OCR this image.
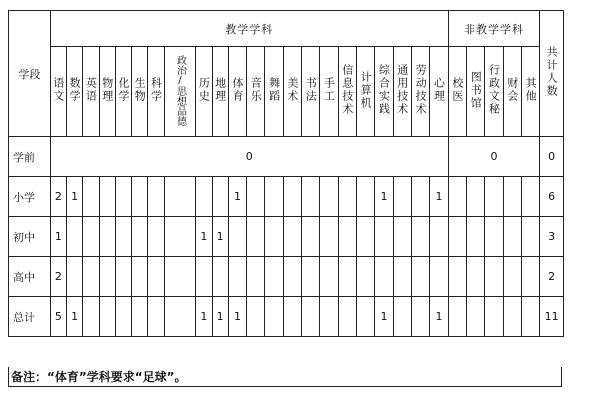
学段	教学学科																						非教学学科					共计人数
	语文	数学	英语	物理	化学	生物	科学	政治/思想品德	历史	地理	体育	音乐	舞蹈	美术	书法	手工	信息技术	计算机	综合实践	通用技术	劳动技术	心理	校医	图书馆	行政文秘	财会	其他	
学前	0																						0					0
小学	2	1									1								1			1						6
初中	1								1	1																		3
高中	2																											2
总计	5	1							1	1	1								1			1						11
备注：“体育”学科要求“足球”。
